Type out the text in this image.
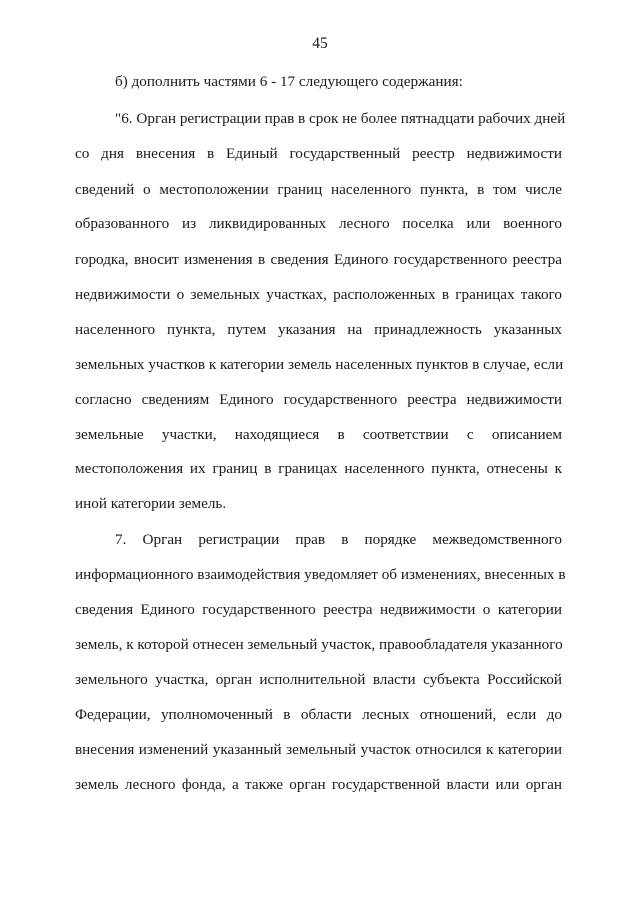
45
б) дополнить частями 6 - 17 следующего содержания:
"6. Орган регистрации прав в срок не более пятнадцати рабочих дней
со дня внесения в Единый государственный реестр недвижимости
сведений о местоположении границ населенного пункта, в том числе
образованного из ликвидированных лесного поселка или военного
городка, вносит изменения в сведения Единого государственного реестра
недвижимости о земельных участках, расположенных в границах такого
населенного пункта, путем указания на принадлежность указанных
земельных участков к категории земель населенных пунктов в случае, если
согласно сведениям Единого государственного реестра недвижимости
земельные участки, находящиеся в соответствии с описанием
местоположения их границ в границах населенного пункта, отнесены к
иной категории земель.
7. Орган регистрации прав в порядке межведомственного
информационного взаимодействия уведомляет об изменениях, внесенных в
сведения Единого государственного реестра недвижимости о категории
земель, к которой отнесен земельный участок, правообладателя указанного
земельного участка, орган исполнительной власти субъекта Российской
Федерации, уполномоченный в области лесных отношений, если до
внесения изменений указанный земельный участок относился к категории
земель лесного фонда, а также орган государственной власти или орган
